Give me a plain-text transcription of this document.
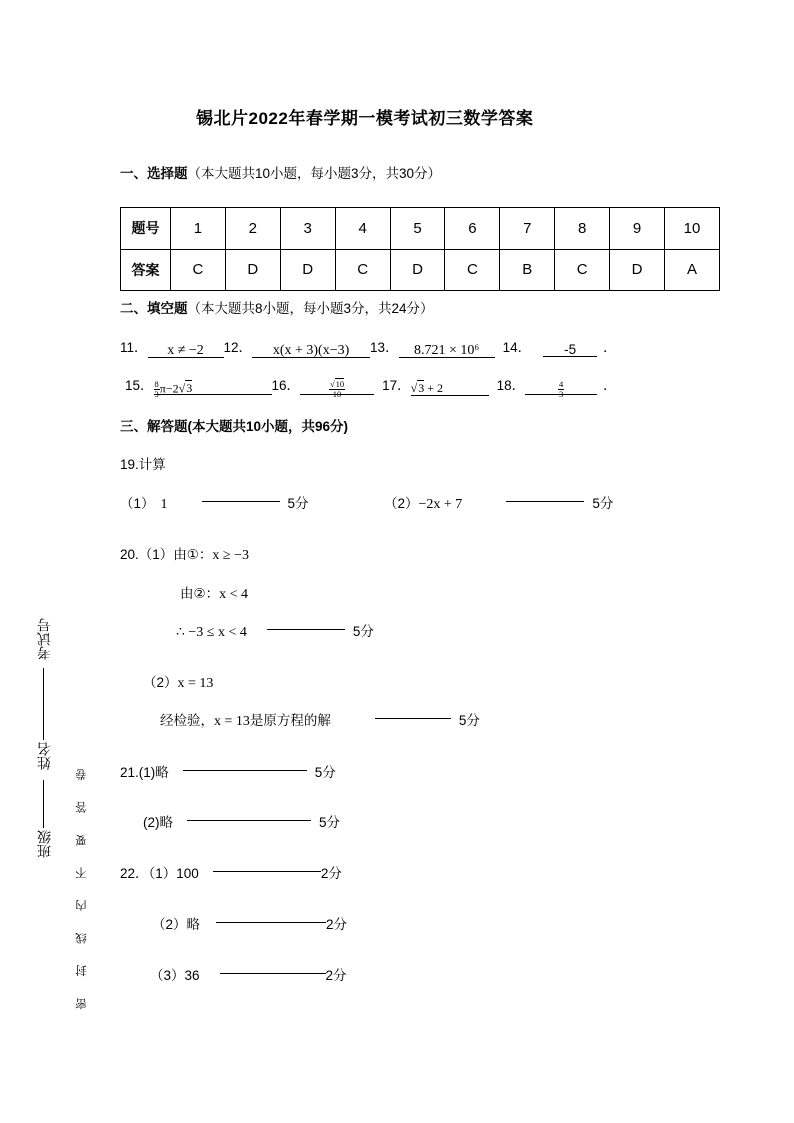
锡北片2022年春学期一模考试初三数学答案
一、选择题（本大题共10小题，每小题3分，共30分）
题号	1	2	3	4	5	6	7	8	9	10
答案	C	D	D	C	D	C	B	C	D	A
二、填空题（本大题共8小题，每小题3分，共24分）
11． x ≠ −2 12． x(x + 3)(x−3) 13． 8.721 × 10⁶ 14． -5 ．
15． $\frac{8}{3} \pi-2√3$	16．	$\frac{√10}{10}$	17．√3 + 2	18．	$\frac{4}{3}$	．
三、解答题(本大题共10小题，共96分)
19.计算
（1） 1	5分	（2）−2x + 7	5分
20.（1）由①：x ≥ −3
由②：x < 4
∴ −3 ≤ x < 4	5分
（2）x = 13
经检验，x = 13是原方程的解	5分
21.(1)略	5分
(2)略	5分
22．（1）100	2分
（2）略	2分
（3）36	2分
考试号
姓名
班级 密 封 线 内 不 要 答 卷
